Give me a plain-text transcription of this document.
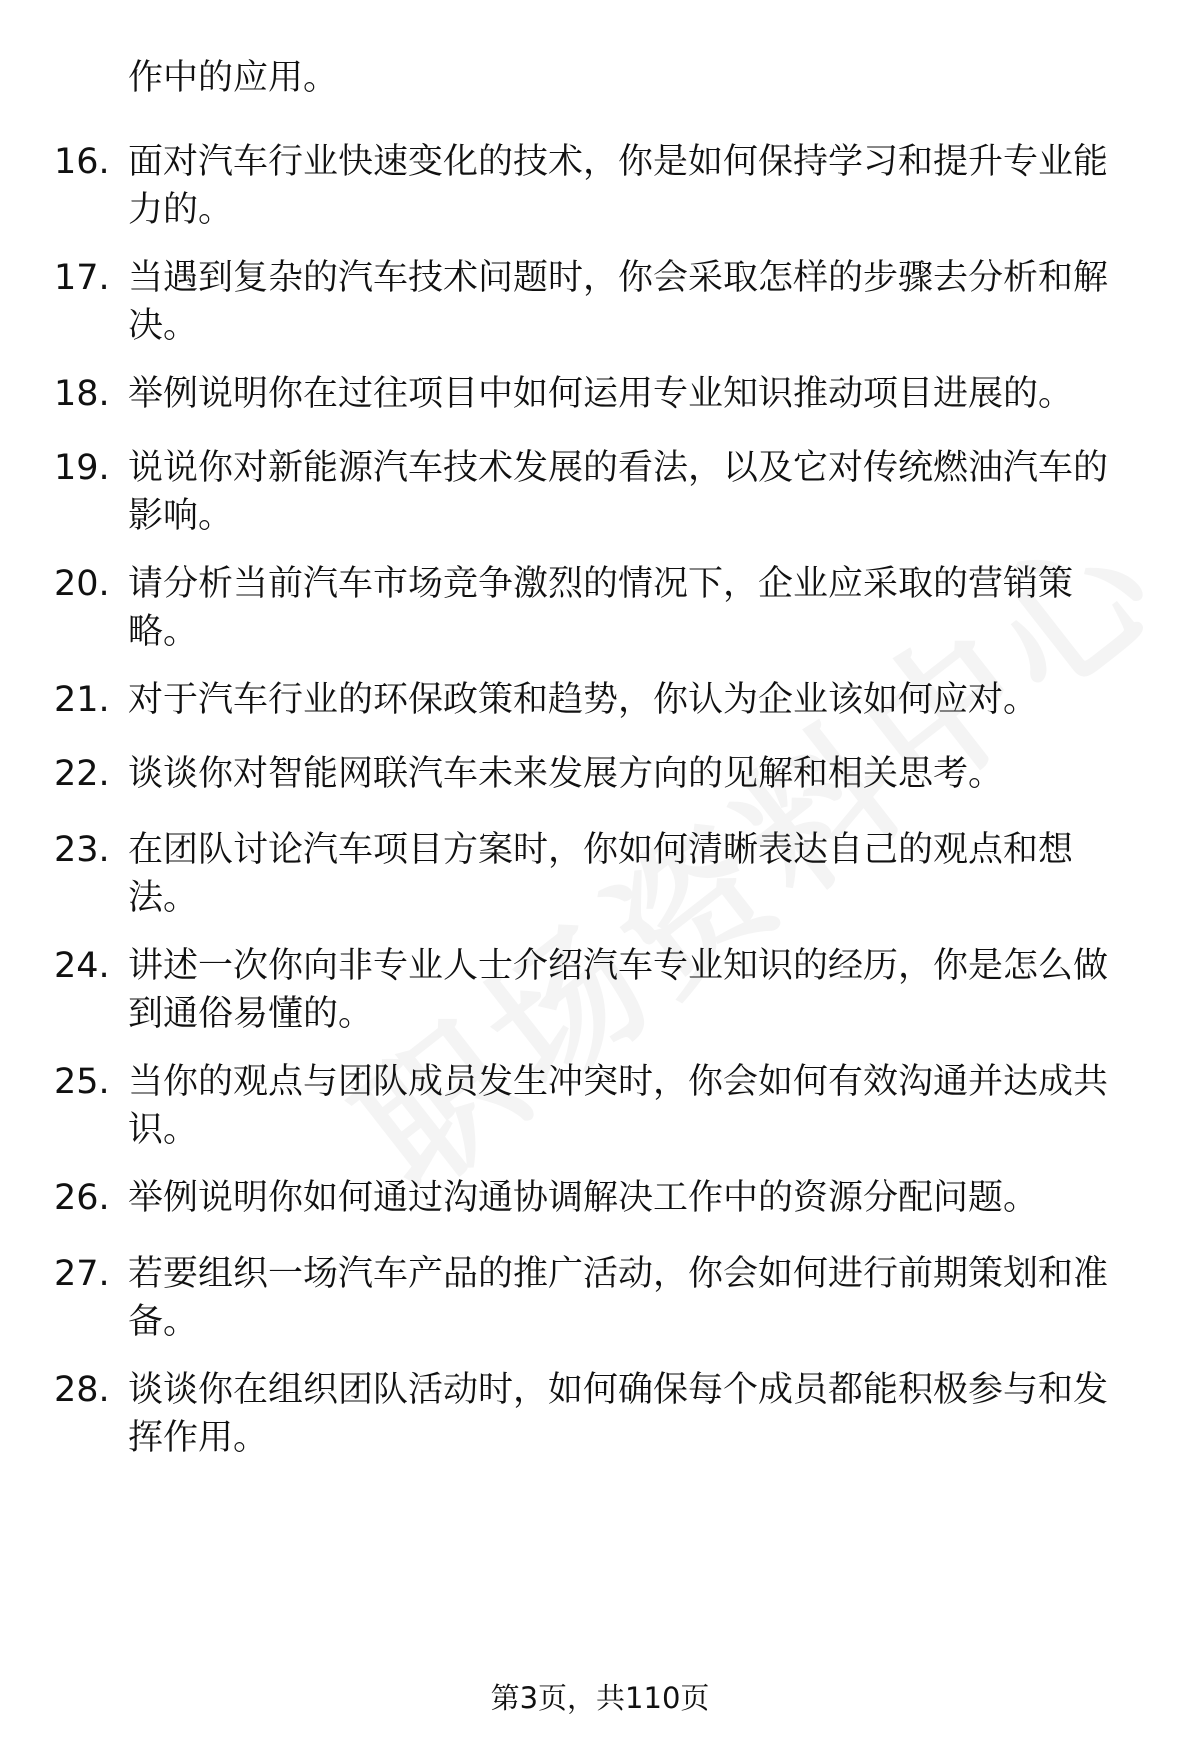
作中的应用。
16. 面对汽车行业快速变化的技术，你是如何保持学习和提升专业能
力的。
17. 当遇到复杂的汽车技术问题时，你会采取怎样的步骤去分析和解
决。
18. 举例说明你在过往项目中如何运用专业知识推动项目进展的。
19. 说说你对新能源汽车技术发展的看法，以及它对传统燃油汽车的
影响。
20. 请分析当前汽车市场竞争激烈的情况下，企业应采取的营销策
略。
21. 对于汽车行业的环保政策和趋势，你认为企业该如何应对。
22. 谈谈你对智能网联汽车未来发展方向的见解和相关思考。
23. 在团队讨论汽车项目方案时，你如何清晰表达自己的观点和想
法。
24. 讲述一次你向非专业人士介绍汽车专业知识的经历，你是怎么做
到通俗易懂的。
25. 当你的观点与团队成员发生冲突时，你会如何有效沟通并达成共
识。
26. 举例说明你如何通过沟通协调解决工作中的资源分配问题。
27. 若要组织一场汽车产品的推广活动，你会如何进行前期策划和准
备。
28. 谈谈你在组织团队活动时，如何确保每个成员都能积极参与和发
挥作用。
第3页，共110页
